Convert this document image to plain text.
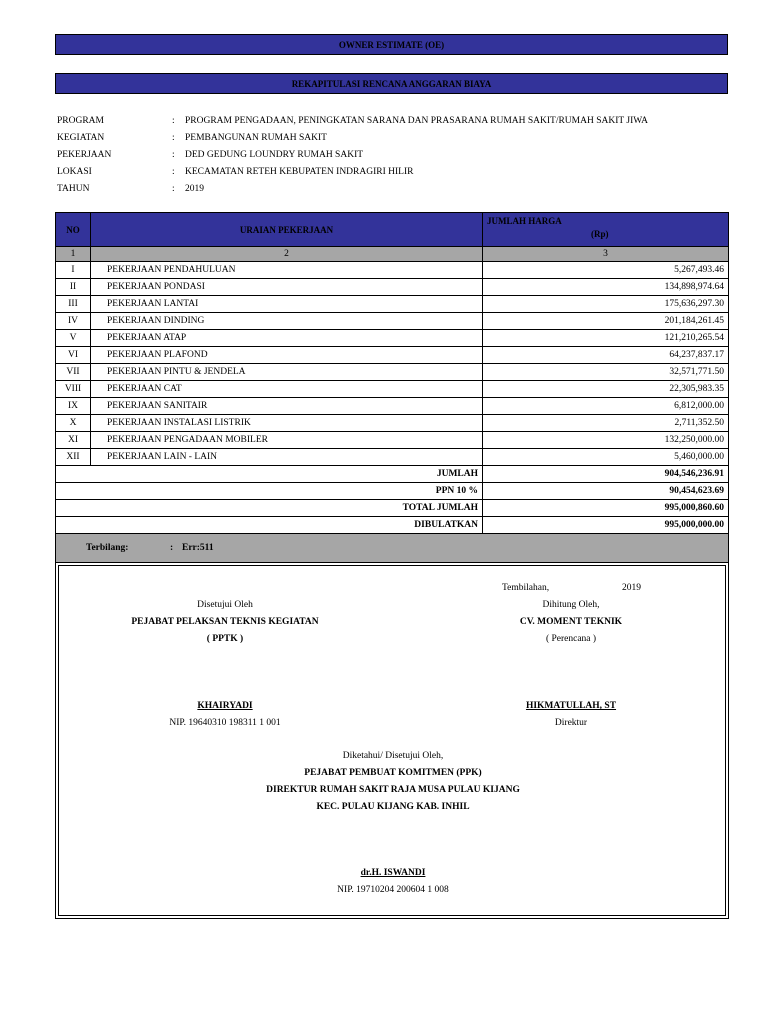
OWNER ESTIMATE (OE)
REKAPITULASI RENCANA ANGGARAN BIAYA
PROGRAM	:	PROGRAM PENGADAAN, PENINGKATAN SARANA DAN PRASARANA RUMAH SAKIT/RUMAH SAKIT JIWA
KEGIATAN	:	PEMBANGUNAN RUMAH SAKIT
PEKERJAAN	:	DED GEDUNG LOUNDRY RUMAH SAKIT
LOKASI	:	KECAMATAN RETEH KEBUPATEN INDRAGIRI HILIR
TAHUN	:	2019
NO	URAIAN PEKERJAAN
JUMLAH HARGA
(Rp)
1	2	3
I	PEKERJAAN PENDAHULUAN	5,267,493.46
II	PEKERJAAN PONDASI	134,898,974.64
III	PEKERJAAN LANTAI	175,636,297.30
IV	PEKERJAAN DINDING	201,184,261.45
V	PEKERJAAN ATAP	121,210,265.54
VI	PEKERJAAN PLAFOND	64,237,837.17
VII	PEKERJAAN PINTU & JENDELA	32,571,771.50
VIII	PEKERJAAN CAT	22,305,983.35
IX	PEKERJAAN SANITAIR	6,812,000.00
X	PEKERJAAN INSTALASI LISTRIK	2,711,352.50
XI	PEKERJAAN PENGADAAN MOBILER	132,250,000.00
XII	PEKERJAAN LAIN - LAIN	5,460,000.00
JUMLAH	904,546,236.91
PPN 10 %	90,454,623.69
TOTAL JUMLAH	995,000,860.60
DIBULATKAN	995,000,000.00
Terbilang:	: Err:511
Tembilahan,	2019
Disetujui Oleh
PEJABAT PELAKSAN TEKNIS KEGIATAN
( PPTK )
KHAIRYADI
NIP. 19640310 198311 1 001
Dihitung Oleh,
CV. MOMENT TEKNIK
( Perencana )
HIKMATULLAH, ST
Direktur
Diketahui/ Disetujui Oleh,
PEJABAT PEMBUAT KOMITMEN (PPK)
DIREKTUR RUMAH SAKIT RAJA MUSA PULAU KIJANG
KEC. PULAU KIJANG KAB. INHIL
dr.H. ISWANDI
NIP. 19710204 200604 1 008
